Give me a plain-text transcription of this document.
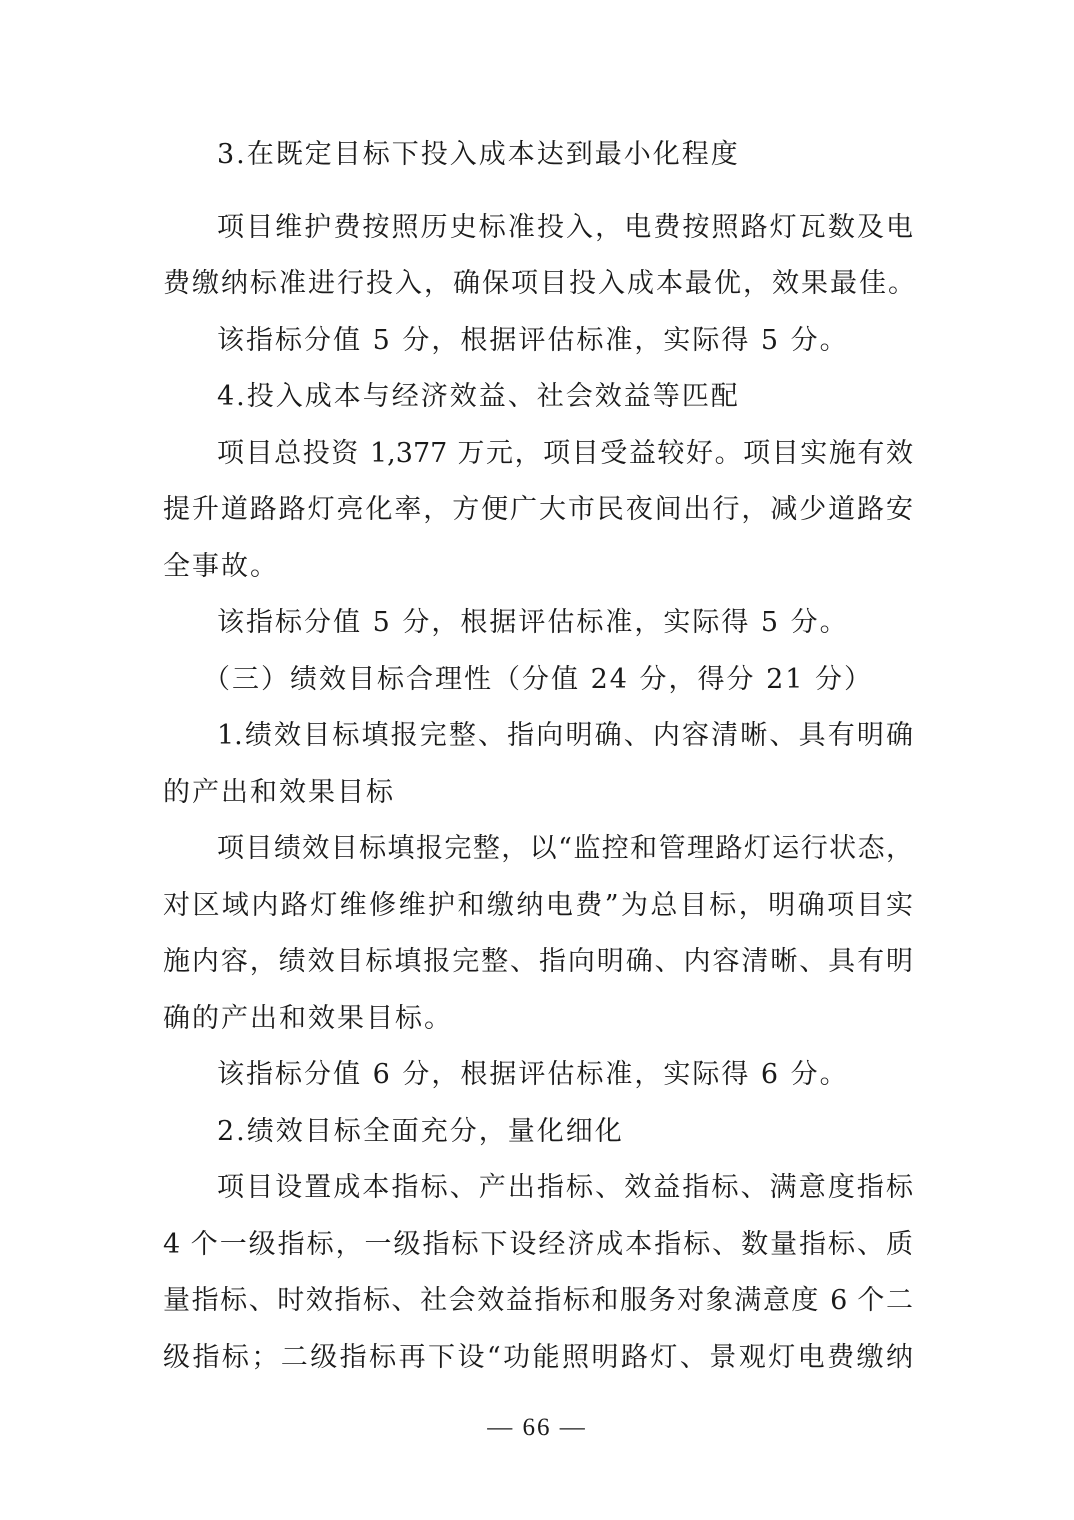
3.在既定目标下投入成本达到最小化程度

项目维护费按照历史标准投入，电费按照路灯瓦数及电
费缴纳标准进行投入，确保项目投入成本最优，效果最佳。
该指标分值 5 分，根据评估标准，实际得 5 分。
4.投入成本与经济效益、社会效益等匹配
项目总投资 1,377 万元，项目受益较好。项目实施有效
提升道路路灯亮化率，方便广大市民夜间出行，减少道路安
全事故。
该指标分值 5 分，根据评估标准，实际得 5 分。
（三）绩效目标合理性（分值 24 分，得分 21 分）
1.绩效目标填报完整、指向明确、内容清晰、具有明确
的产出和效果目标
项目绩效目标填报完整，以“监控和管理路灯运行状态，
对区域内路灯维修维护和缴纳电费”为总目标，明确项目实
施内容，绩效目标填报完整、指向明确、内容清晰、具有明
确的产出和效果目标。
该指标分值 6 分，根据评估标准，实际得 6 分。
2.绩效目标全面充分，量化细化
项目设置成本指标、产出指标、效益指标、满意度指标
4 个一级指标，一级指标下设经济成本指标、数量指标、质
量指标、时效指标、社会效益指标和服务对象满意度 6 个二
级指标；二级指标再下设“功能照明路灯、景观灯电费缴纳
— 66 —
